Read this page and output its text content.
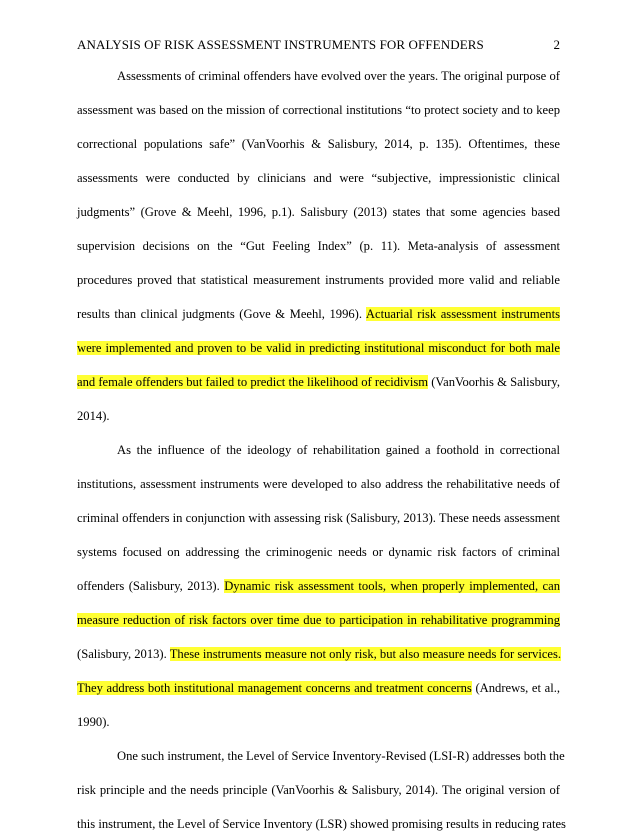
ANALYSIS OF RISK ASSESSMENT INSTRUMENTS FOR OFFENDERS	2
Assessments of criminal offenders have evolved over the years. The original purpose of
assessment was based on the mission of correctional institutions “to protect society and to keep
correctional populations safe” (VanVoorhis & Salisbury, 2014, p. 135). Oftentimes, these
assessments were conducted by clinicians and were “subjective, impressionistic clinical
judgments” (Grove & Meehl, 1996, p.1). Salisbury (2013) states that some agencies based
supervision decisions on the “Gut Feeling Index” (p. 11). Meta-analysis of assessment
procedures proved that statistical measurement instruments provided more valid and reliable
results than clinical judgments (Gove & Meehl, 1996). Actuarial risk assessment instruments
were implemented and proven to be valid in predicting institutional misconduct for both male
and female offenders but failed to predict the likelihood of recidivism (VanVoorhis & Salisbury,
2014).
As the influence of the ideology of rehabilitation gained a foothold in correctional
institutions, assessment instruments were developed to also address the rehabilitative needs of
criminal offenders in conjunction with assessing risk (Salisbury, 2013). These needs assessment
systems focused on addressing the criminogenic needs or dynamic risk factors of criminal
offenders (Salisbury, 2013). Dynamic risk assessment tools, when properly implemented, can
measure reduction of risk factors over time due to participation in rehabilitative programming
(Salisbury, 2013). These instruments measure not only risk, but also measure needs for services.
They address both institutional management concerns and treatment concerns (Andrews, et al.,
1990).
One such instrument, the Level of Service Inventory-Revised (LSI-R) addresses both the
risk principle and the needs principle (VanVoorhis & Salisbury, 2014). The original version of
this instrument, the Level of Service Inventory (LSR) showed promising results in reducing rates
